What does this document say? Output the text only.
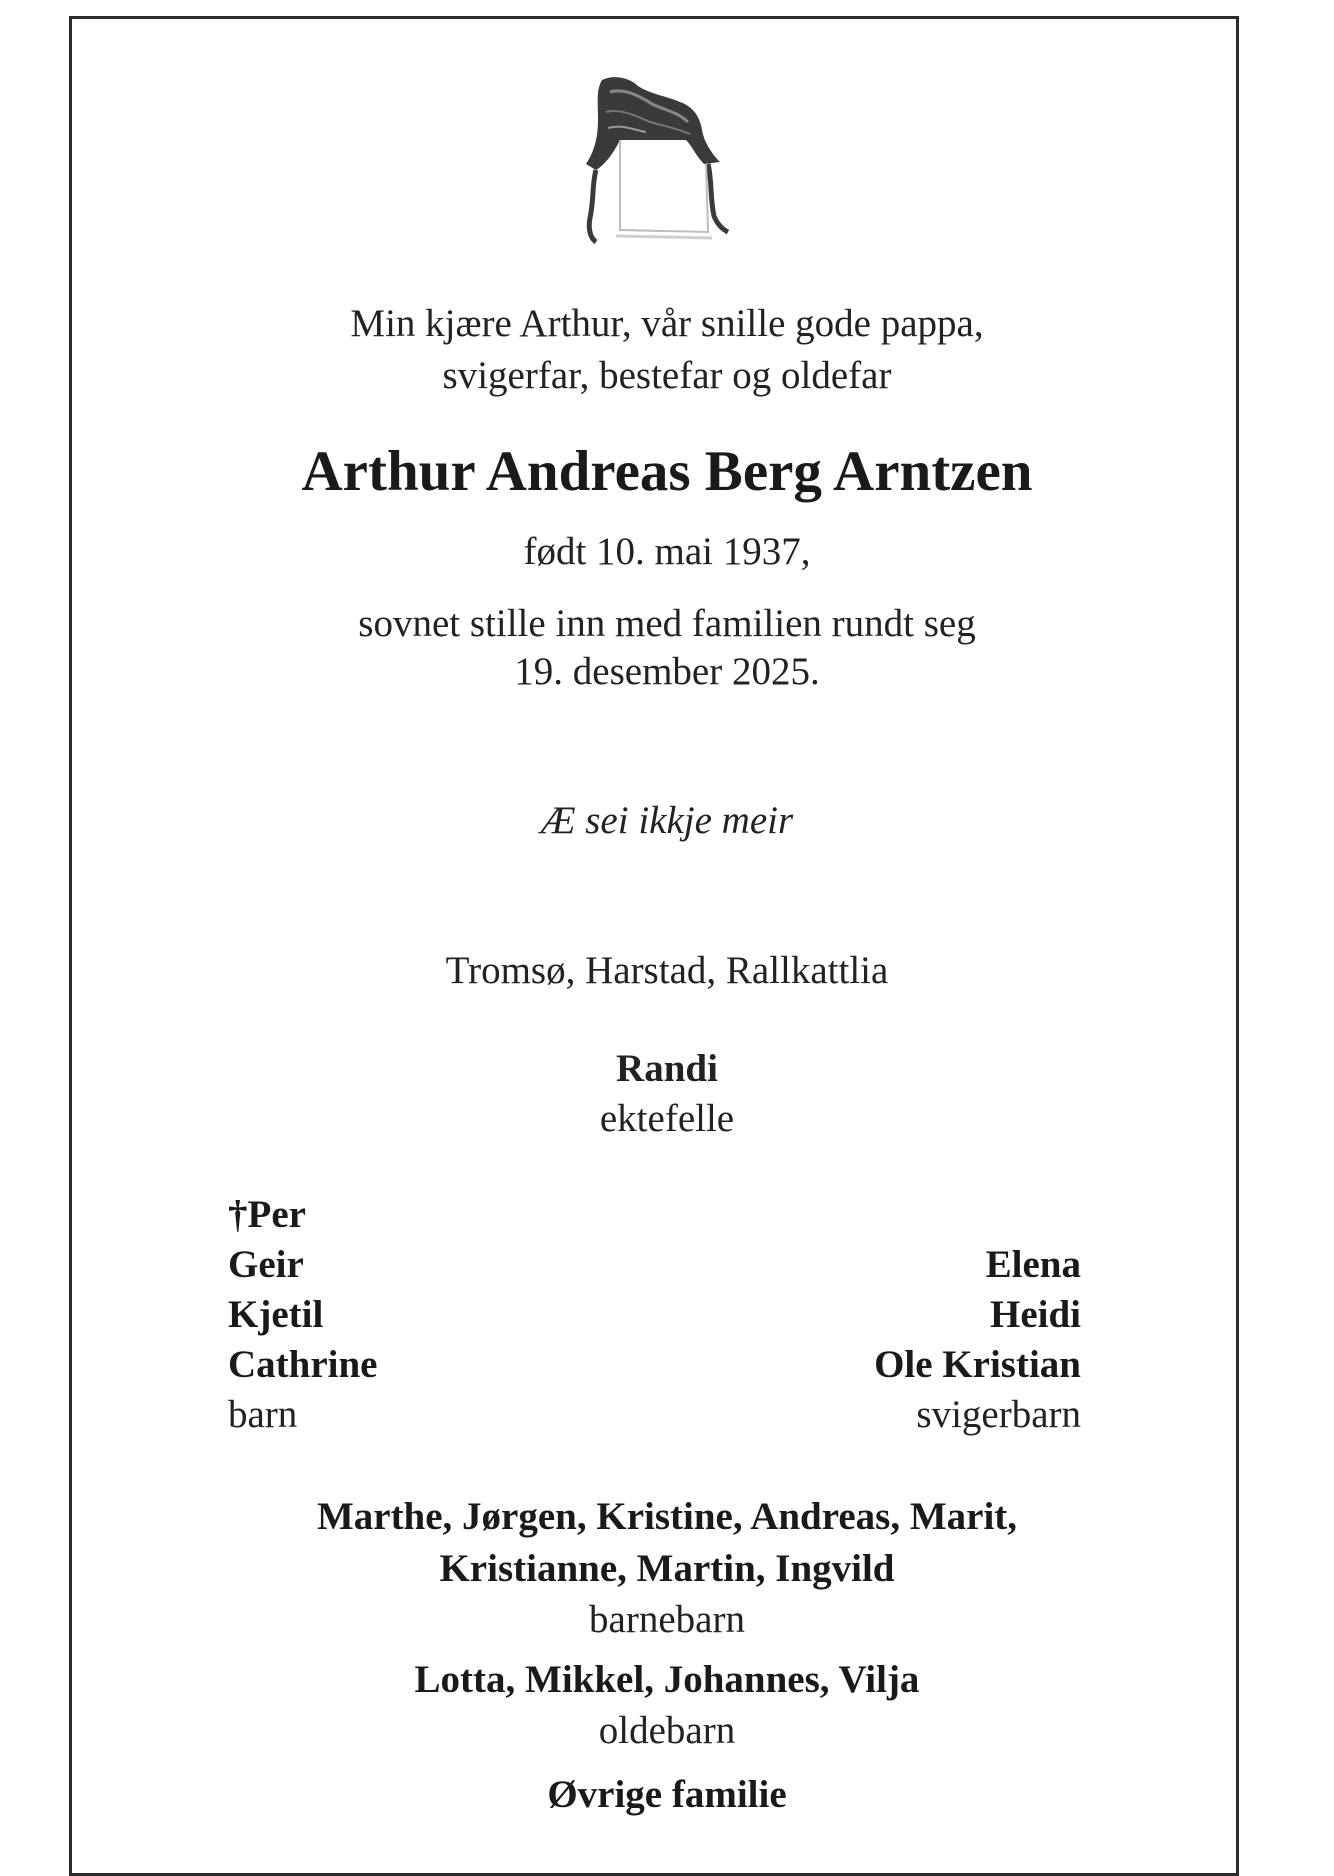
Min kjære Arthur, vår snille gode pappa,
svigerfar, bestefar og oldefar
Arthur Andreas Berg Arntzen
født 10. mai 1937,
sovnet stille inn med familien rundt seg
19. desember 2025.
Æ sei ikkje meir
Tromsø, Harstad, Rallkattlia
Randi
ektefelle
†Per
Geir
Kjetil
Cathrine
barn
Elena
Heidi
Ole Kristian
svigerbarn
Marthe, Jørgen, Kristine, Andreas, Marit,
Kristianne, Martin, Ingvild
barnebarn
Lotta, Mikkel, Johannes, Vilja
oldebarn
Øvrige familie
